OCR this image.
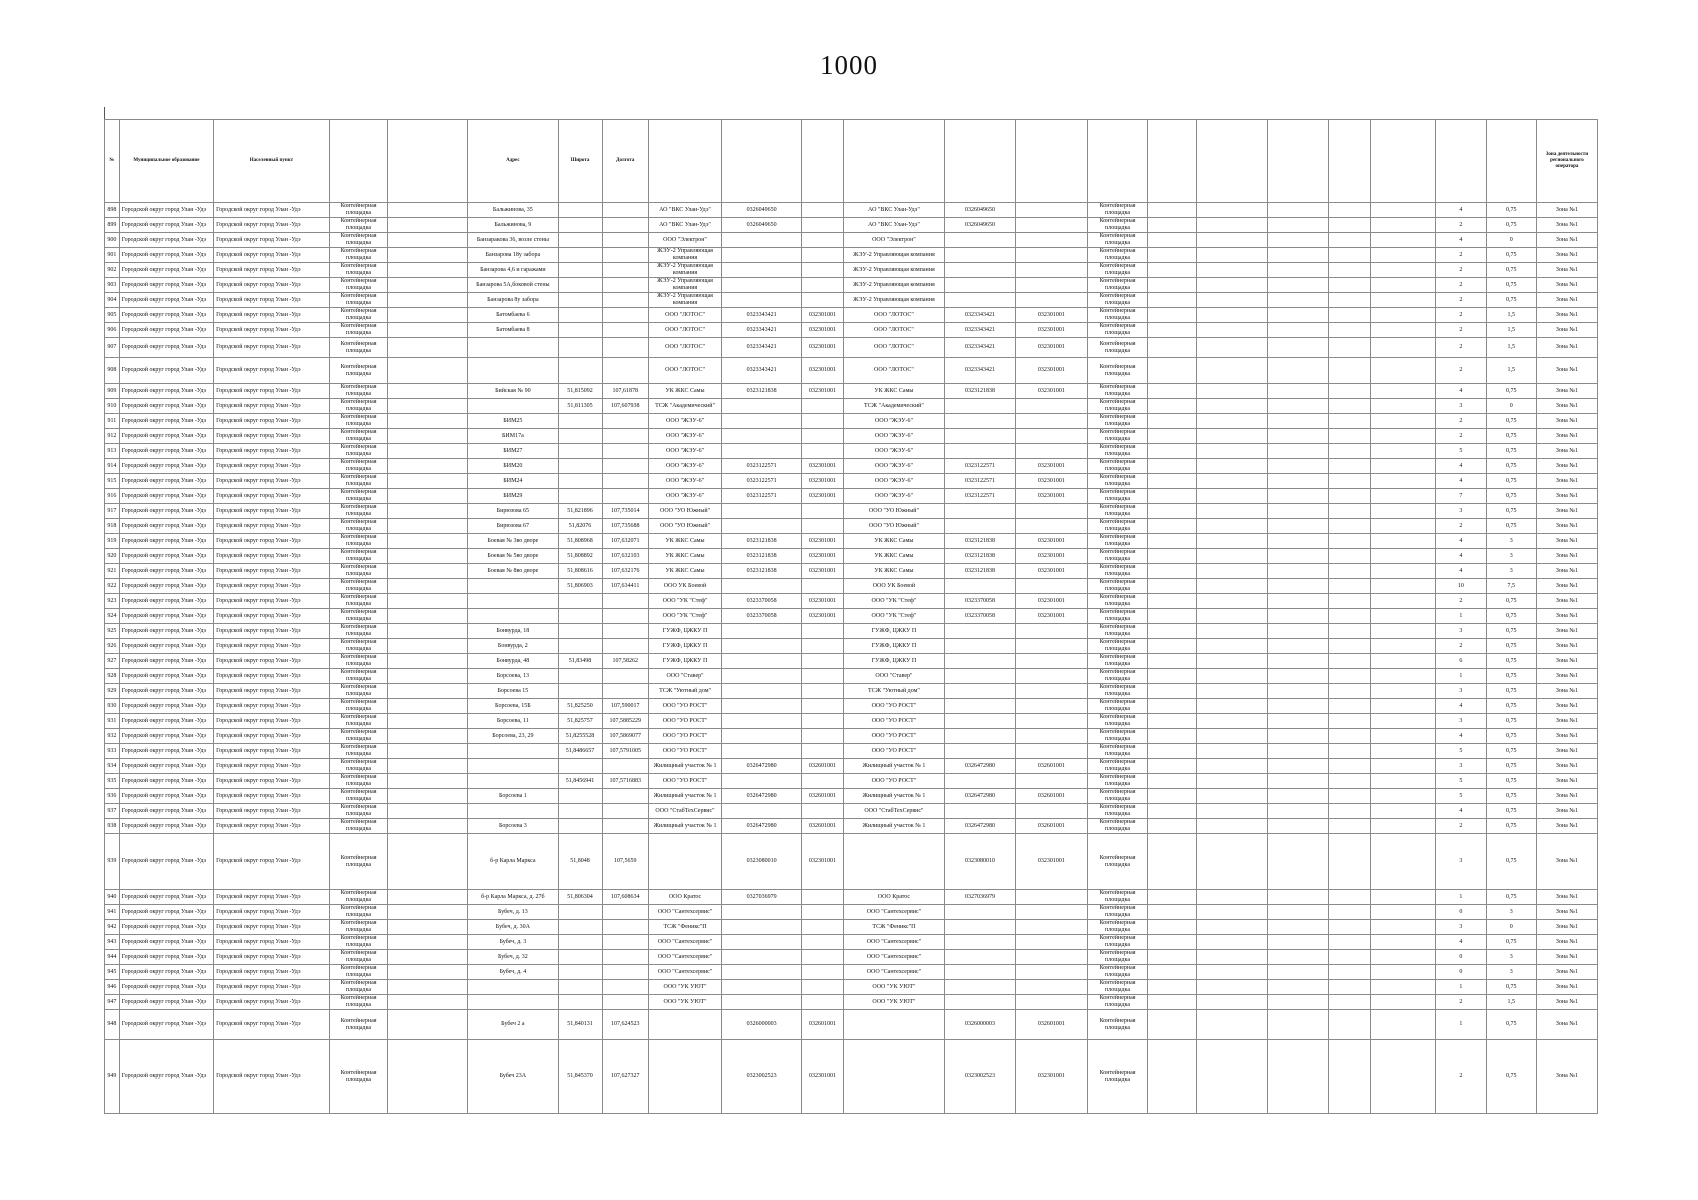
1000
№	Муниципальное образование	Населенный пункт			Адрес	Широта	Долгота															Зона деятельности регионального оператора
898	Городской округ город Улан -Удэ	Городской округ город Улан -Удэ	Контейнерная площадка		Бальжинова, 35			АО "ВКС Улан-Удэ"	0326049650		АО "ВКС Улан-Удэ"	0326049650		Контейнерная площадка						4	0,75	Зона №1
899	Городской округ город Улан -Удэ	Городской округ город Улан -Удэ	Контейнерная площадка		Бальжинова, 9			АО "ВКС Улан-Удэ"	0326049650		АО "ВКС Улан-Удэ"	0326049650		Контейнерная площадка						2	0,75	Зона №1
900	Городской округ город Улан -Удэ	Городской округ город Улан -Удэ	Контейнерная площадка		Банзаракова 36, возле стены			ООО "Электрон"			ООО "Электрон"			Контейнерная площадка						4	0	Зона №1
901	Городской округ город Улан -Удэ	Городской округ город Улан -Удэ	Контейнерная площадка		Банзарова 18у забора			ЖЭУ-2 Управляющая компания			ЖЭУ-2 Управляющая компания			Контейнерная площадка						2	0,75	Зона №1
902	Городской округ город Улан -Удэ	Городской округ город Улан -Удэ	Контейнерная площадка		Банзарова 4,6 и гаражами			ЖЭУ-2 Управляющая компания			ЖЭУ-2 Управляющая компания			Контейнерная площадка						2	0,75	Зона №1
903	Городской округ город Улан -Удэ	Городской округ город Улан -Удэ	Контейнерная площадка		Банзарова 5А,боковой стены			ЖЭУ-2 Управляющая компания			ЖЭУ-2 Управляющая компания			Контейнерная площадка						2	0,75	Зона №1
904	Городской округ город Улан -Удэ	Городской округ город Улан -Удэ	Контейнерная площадка		Банзарова 8у забора			ЖЭУ-2 Управляющая компания			ЖЭУ-2 Управляющая компания			Контейнерная площадка						2	0,75	Зона №1
905	Городской округ город Улан -Удэ	Городской округ город Улан -Удэ	Контейнерная площадка		Батомбаева 6			ООО "ЛОТОС"	0323343421	032301001	ООО "ЛОТОС"	0323343421	032301001	Контейнерная площадка						2	1,5	Зона №1
906	Городской округ город Улан -Удэ	Городской округ город Улан -Удэ	Контейнерная площадка		Батомбаева 8			ООО "ЛОТОС"	0323343421	032301001	ООО "ЛОТОС"	0323343421	032301001	Контейнерная площадка						2	1,5	Зона №1
907	Городской округ город Улан -Удэ	Городской округ город Улан -Удэ	Контейнерная площадка					ООО "ЛОТОС"	0323343421	032301001	ООО "ЛОТОС"	0323343421	032301001	Контейнерная площадка						2	1,5	Зона №1
908	Городской округ город Улан -Удэ	Городской округ город Улан -Удэ	Контейнерная площадка					ООО "ЛОТОС"	0323343421	032301001	ООО "ЛОТОС"	0323343421	032301001	Контейнерная площадка						2	1,5	Зона №1
909	Городской округ город Улан -Удэ	Городской округ город Улан -Удэ	Контейнерная площадка		Бийская № 90	51,815092	107,61878	УК ЖКС Самы	0323121838	032301001	УК ЖКС Самы	0323121838	032301001	Контейнерная площадка						4	0,75	Зона №1
910	Городской округ город Улан -Удэ	Городской округ город Улан -Удэ	Контейнерная площадка			51,811305	107,607938	ТСЖ "Академический"			ТСЖ "Академический"			Контейнерная площадка						3	0	Зона №1
911	Городской округ город Улан -Удэ	Городской округ город Улан -Удэ	Контейнерная площадка		БИМ25			ООО "ЖЭУ-6"			ООО "ЖЭУ-6"			Контейнерная площадка						2	0,75	Зона №1
912	Городской округ город Улан -Удэ	Городской округ город Улан -Удэ	Контейнерная площадка		БИМ17а			ООО "ЖЭУ-6"			ООО "ЖЭУ-6"			Контейнерная площадка						2	0,75	Зона №1
913	Городской округ город Улан -Удэ	Городской округ город Улан -Удэ	Контейнерная площадка		БИМ27			ООО "ЖЭУ-6"			ООО "ЖЭУ-6"			Контейнерная площадка						5	0,75	Зона №1
914	Городской округ город Улан -Удэ	Городской округ город Улан -Удэ	Контейнерная площадка		БИМ20			ООО "ЖЭУ-6"	0323122571	032301001	ООО "ЖЭУ-6"	0323122571	032301001	Контейнерная площадка						4	0,75	Зона №1
915	Городской округ город Улан -Удэ	Городской округ город Улан -Удэ	Контейнерная площадка		БИМ24			ООО "ЖЭУ-6"	0323122571	032301001	ООО "ЖЭУ-6"	0323122571	032301001	Контейнерная площадка						4	0,75	Зона №1
916	Городской округ город Улан -Удэ	Городской округ город Улан -Удэ	Контейнерная площадка		БИМ29			ООО "ЖЭУ-6"	0323122571	032301001	ООО "ЖЭУ-6"	0323122571	032301001	Контейнерная площадка						7	0,75	Зона №1
917	Городской округ город Улан -Удэ	Городской округ город Улан -Удэ	Контейнерная площадка		Бирюзова 65	51,821896	107,735014	ООО "УО Южный"			ООО "УО Южный"			Контейнерная площадка						3	0,75	Зона №1
918	Городской округ город Улан -Удэ	Городской округ город Улан -Удэ	Контейнерная площадка		Бирюзова 67	51,82076	107,735688	ООО "УО Южный"			ООО "УО Южный"			Контейнерная площадка						2	0,75	Зона №1
919	Городской округ город Улан -Удэ	Городской округ город Улан -Удэ	Контейнерная площадка		Боевая № 3во дворе	51,808968	107,632071	УК ЖКС Самы	0323121838	032301001	УК ЖКС Самы	0323121838	032301001	Контейнерная площадка						4	3	Зона №1
920	Городской округ город Улан -Удэ	Городской округ город Улан -Удэ	Контейнерная площадка		Боевая № 5во дворе	51,808892	107,632103	УК ЖКС Самы	0323121838	032301001	УК ЖКС Самы	0323121838	032301001	Контейнерная площадка						4	3	Зона №1
921	Городской округ город Улан -Удэ	Городской округ город Улан -Удэ	Контейнерная площадка		Боевая № 8во дворе	51,808616	107,632176	УК ЖКС Самы	0323121838	032301001	УК ЖКС Самы	0323121838	032301001	Контейнерная площадка						4	3	Зона №1
922	Городской округ город Улан -Удэ	Городской округ город Улан -Удэ	Контейнерная площадка			51,806903	107,634411	ООО УК Боевой			ООО УК Боевой			Контейнерная площадка						10	7,5	Зона №1
923	Городской округ город Улан -Удэ	Городской округ город Улан -Удэ	Контейнерная площадка					ООО "УК "Стеф"	0323370058	032301001	ООО "УК "Стеф"	0323370058	032301001	Контейнерная площадка						2	0,75	Зона №1
924	Городской округ город Улан -Удэ	Городской округ город Улан -Удэ	Контейнерная площадка					ООО "УК "Стеф"	0323370058	032301001	ООО "УК "Стеф"	0323370058	032301001	Контейнерная площадка						1	0,75	Зона №1
925	Городской округ город Улан -Удэ	Городской округ город Улан -Удэ	Контейнерная площадка		Бонвурда, 18			ГУЖФ, ЦЖКУ П			ГУЖФ, ЦЖКУ П			Контейнерная площадка						3	0,75	Зона №1
926	Городской округ город Улан -Удэ	Городской округ город Улан -Удэ	Контейнерная площадка		Бонвурда, 2			ГУЖФ, ЦЖКУ П			ГУЖФ, ЦЖКУ П			Контейнерная площадка						2	0,75	Зона №1
927	Городской округ город Улан -Удэ	Городской округ город Улан -Удэ	Контейнерная площадка		Бонвурда, 48	51,83498	107,58262	ГУЖФ, ЦЖКУ П			ГУЖФ, ЦЖКУ П			Контейнерная площадка						6	0,75	Зона №1
928	Городской округ город Улан -Удэ	Городской округ город Улан -Удэ	Контейнерная площадка		Борсоева, 13			ООО "Ставер"			ООО "Ставер"			Контейнерная площадка						1	0,75	Зона №1
929	Городской округ город Улан -Удэ	Городской округ город Улан -Удэ	Контейнерная площадка		Борсоева 15			ТСЖ "Уютный дом"			ТСЖ "Уютный дом"			Контейнерная площадка						3	0,75	Зона №1
930	Городской округ город Улан -Удэ	Городской округ город Улан -Удэ	Контейнерная площадка		Борсоева, 15Б	51,825250	107,590017	ООО "УО РОСТ"			ООО "УО РОСТ"			Контейнерная площадка						4	0,75	Зона №1
931	Городской округ город Улан -Удэ	Городской округ город Улан -Удэ	Контейнерная площадка		Борсоева, 11	51,825757	107,5885229	ООО "УО РОСТ"			ООО "УО РОСТ"			Контейнерная площадка						3	0,75	Зона №1
932	Городской округ город Улан -Удэ	Городской округ город Улан -Удэ	Контейнерная площадка		Борсоева, 23, 29	51,8255528	107,5869077	ООО "УО РОСТ"			ООО "УО РОСТ"			Контейнерная площадка						4	0,75	Зона №1
933	Городской округ город Улан -Удэ	Городской округ город Улан -Удэ	Контейнерная площадка			51,8486657	107,5791005	ООО "УО РОСТ"			ООО "УО РОСТ"			Контейнерная площадка						5	0,75	Зона №1
934	Городской округ город Улан -Удэ	Городской округ город Улан -Удэ	Контейнерная площадка					Жилищный участок № 1	0326472980	032601001	Жилищный участок № 1	0326472980	032601001	Контейнерная площадка						3	0,75	Зона №1
935	Городской округ город Улан -Удэ	Городской округ город Улан -Удэ	Контейнерная площадка			51,8456941	107,5716883	ООО "УО РОСТ"			ООО "УО РОСТ"			Контейнерная площадка						5	0,75	Зона №1
936	Городской округ город Улан -Удэ	Городской округ город Улан -Удэ	Контейнерная площадка		Борсоева 1			Жилищный участок № 1	0326472980	032601001	Жилищный участок № 1	0326472980	032601001	Контейнерная площадка						5	0,75	Зона №1
937	Городской округ город Улан -Удэ	Городской округ город Улан -Удэ	Контейнерная площадка					ООО "СтабТехСервис"			ООО "СтабТехСервис"			Контейнерная площадка						4	0,75	Зона №1
938	Городской округ город Улан -Удэ	Городской округ город Улан -Удэ	Контейнерная площадка		Борсоева 3			Жилищный участок № 1	0326472980	032601001	Жилищный участок № 1	0326472980	032601001	Контейнерная площадка						2	0,75	Зона №1
939	Городской округ город Улан -Удэ	Городской округ город Улан -Удэ	Контейнерная площадка		б-р Карла Маркса	51,8048	107,5659		0323080010	032301001		0323080010	032301001	Контейнерная площадка						3	0,75	Зона №1
940	Городской округ город Улан -Удэ	Городской округ город Улан -Удэ	Контейнерная площадка		б-р Карла Маркса, д. 27б	51,806304	107,608634	ООО Кратос	0327036979		ООО Кратос	0327036979		Контейнерная площадка						1	0,75	Зона №1
941	Городской округ город Улан -Удэ	Городской округ город Улан -Удэ	Контейнерная площадка		Бубеч, д. 13			ООО "Сантехсервис"			ООО "Сантехсервис"			Контейнерная площадка						0	3	Зона №1
942	Городской округ город Улан -Удэ	Городской округ город Улан -Удэ	Контейнерная площадка		Бубеч, д. 30А			ТСЖ "Феникс"П			ТСЖ "Феникс"П			Контейнерная площадка						3	0	Зона №1
943	Городской округ город Улан -Удэ	Городской округ город Улан -Удэ	Контейнерная площадка		Бубеч, д. 3			ООО "Сантехсервис"			ООО "Сантехсервис"			Контейнерная площадка						4	0,75	Зона №1
944	Городской округ город Улан -Удэ	Городской округ город Улан -Удэ	Контейнерная площадка		Бубеч, д. 32			ООО "Сантехсервис"			ООО "Сантехсервис"			Контейнерная площадка						0	3	Зона №1
945	Городской округ город Улан -Удэ	Городской округ город Улан -Удэ	Контейнерная площадка		Бубеч, д. 4			ООО "Сантехсервис"			ООО "Сантехсервис"			Контейнерная площадка						0	3	Зона №1
946	Городской округ город Улан -Удэ	Городской округ город Улан -Удэ	Контейнерная площадка					ООО "УК УЮТ"			ООО "УК УЮТ"			Контейнерная площадка						1	0,75	Зона №1
947	Городской округ город Улан -Удэ	Городской округ город Улан -Удэ	Контейнерная площадка					ООО "УК УЮТ"			ООО "УК УЮТ"			Контейнерная площадка						2	1,5	Зона №1
948	Городской округ город Улан -Удэ	Городской округ город Улан -Удэ	Контейнерная площадка		Бубеч 2 а	51,840131	107,624523		0326000003	032601001		0326000003	032601001	Контейнерная площадка						1	0,75	Зона №1
949	Городской округ город Улан -Удэ	Городской округ город Улан -Удэ	Контейнерная площадка		Бубеч 23А	51,845370	107,627327		0323002523	032301001		0323002523	032301001	Контейнерная площадка						2	0,75	Зона №1
